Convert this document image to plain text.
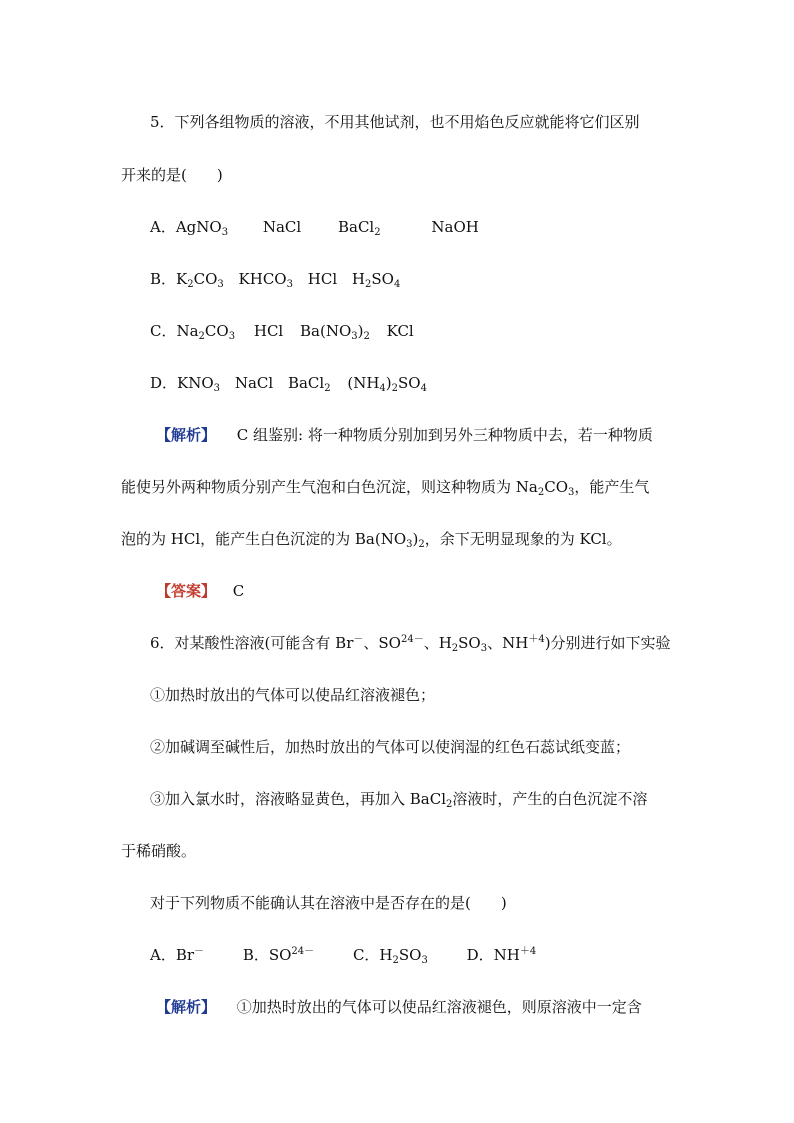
5．下列各组物质的溶液，不用其他试剂，也不用焰色反应就能将它们区别
开来的是(　　)
A．AgNO$_3$ NaCl BaCl$_2$	NaOH
B．$K_2CO_3$ $KHCO_3$ HCl $H_2SO_4$
C．$Na_2CO_3$ HCl $Ba(NO_3)_2$ KCl
D．$KNO_3$ NaCl BaCl$_2$ $(NH_4)_2SO_4$
【解析】 C 组鉴别: 将一种物质分别加到另外三种物质中去，若一种物质
能使另外两种物质分别产生气泡和白色沉淀，则这种物质为 $Na_2CO_3$，能产生气
泡的为 HCl，能产生白色沉淀的为 $Ba(NO_3)_2$，余下无明显现象的为 KCl。
【答案】 C
6．对某酸性溶液(可能含有 Br－、$SO^{24-}$、$H_2SO_3$、$NH^{+4}$)分别进行如下实验
①加热时放出的气体可以使品红溶液褪色；
②加碱调至碱性后，加热时放出的气体可以使润湿的红色石蕊试纸变蓝；
③加入氯水时，溶液略显黄色，再加入 BaCl$_2$溶液时，产生的白色沉淀不溶
于稀硝酸。
对于下列物质不能确认其在溶液中是否存在的是(　　)
A．Br－	B．$SO^{24-}$	C．$H_2SO_3$	D．$NH^{+4}$
【解析】 ①加热时放出的气体可以使品红溶液褪色，则原溶液中一定含
